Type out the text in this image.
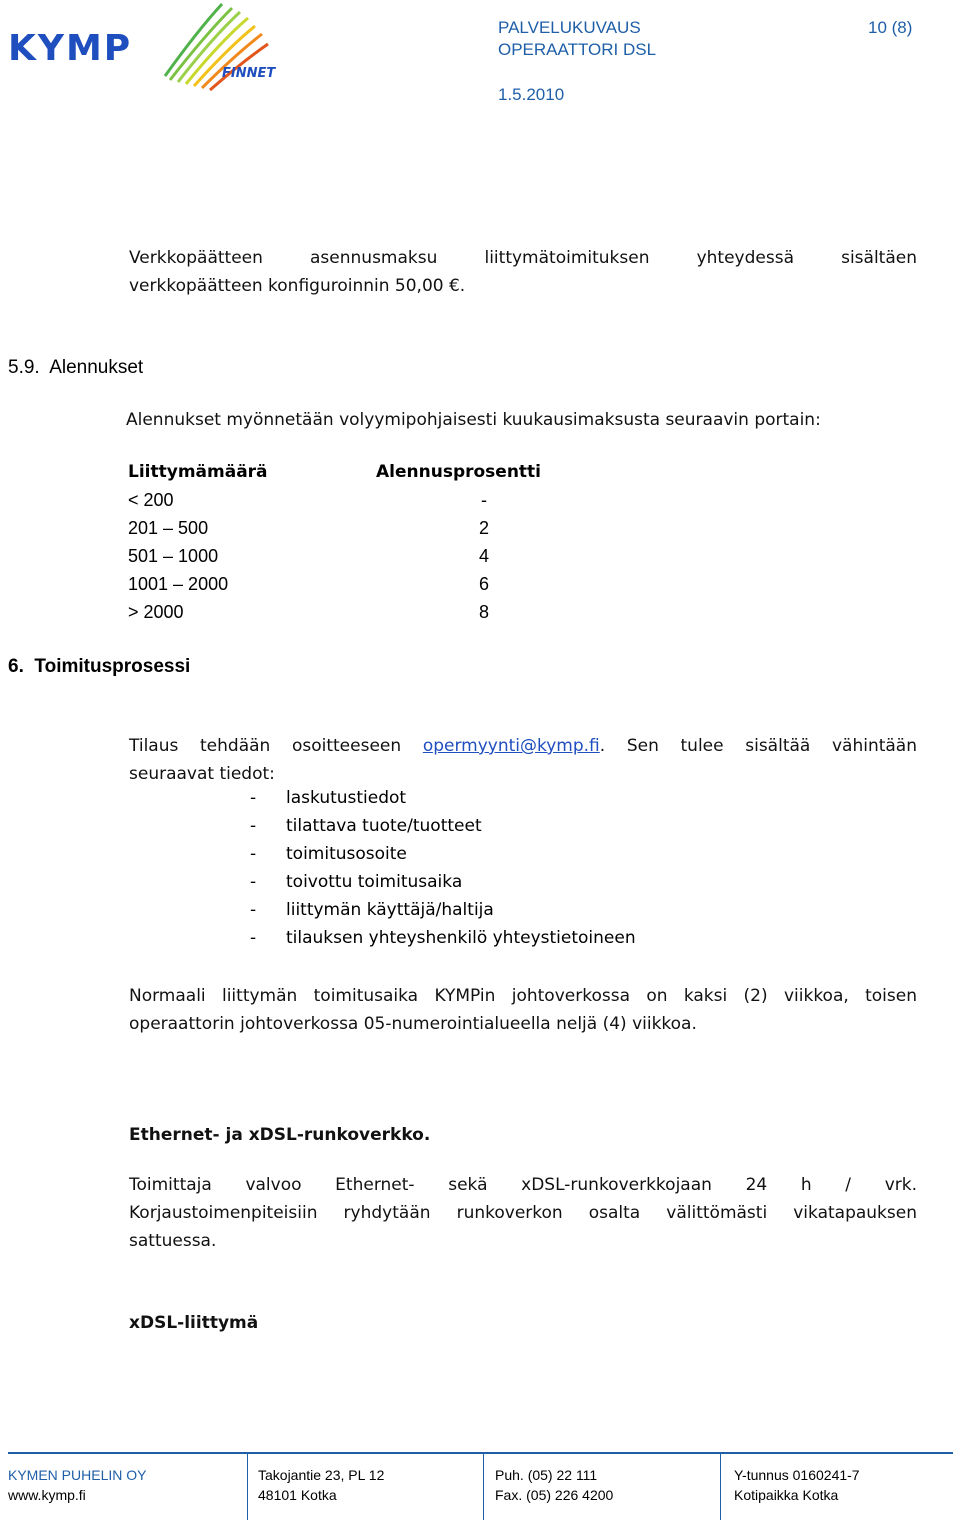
KYMP
FINNET
PALVELUKUVAUS
OPERAATTORI DSL
1.5.2010
10 (8)
Verkkopäätteen asennusmaksu liittymätoimituksen yhteydessä sisältäen
verkkopäätteen konfiguroinnin 50,00 €.
5.9.  Alennukset
Alennukset myönnetään volyymipohjaisesti kuukausimaksusta seuraavin portain:
Liittymämäärä	Alennusprosentti
< 200	-
201 – 500	2
501 – 1000	4
1001 – 2000	6
> 2000	8
6.  Toimitusprosessi
Tilaus tehdään osoitteeseen opermyynti@kymp.fi. Sen tulee sisältää vähintään
seuraavat tiedot:
- laskutustiedot
- tilattava tuote/tuotteet
- toimitusosoite
- toivottu toimitusaika
- liittymän käyttäjä/haltija
- tilauksen yhteyshenkilö yhteystietoineen
Normaali liittymän toimitusaika KYMPin johtoverkossa on kaksi (2) viikkoa, toisen
operaattorin johtoverkossa 05-numerointialueella neljä (4) viikkoa.
Ethernet- ja xDSL-runkoverkko.
Toimittaja valvoo Ethernet- sekä xDSL-runkoverkkojaan 24 h / vrk.
Korjaustoimenpiteisiin ryhdytään runkoverkon osalta välittömästi vikatapauksen
sattuessa.
xDSL-liittymä
KYMEN PUHELIN OY
www.kymp.fi
Takojantie 23, PL 12
48101 Kotka
Puh. (05) 22 111
Fax. (05) 226 4200
Y-tunnus 0160241-7
Kotipaikka Kotka
